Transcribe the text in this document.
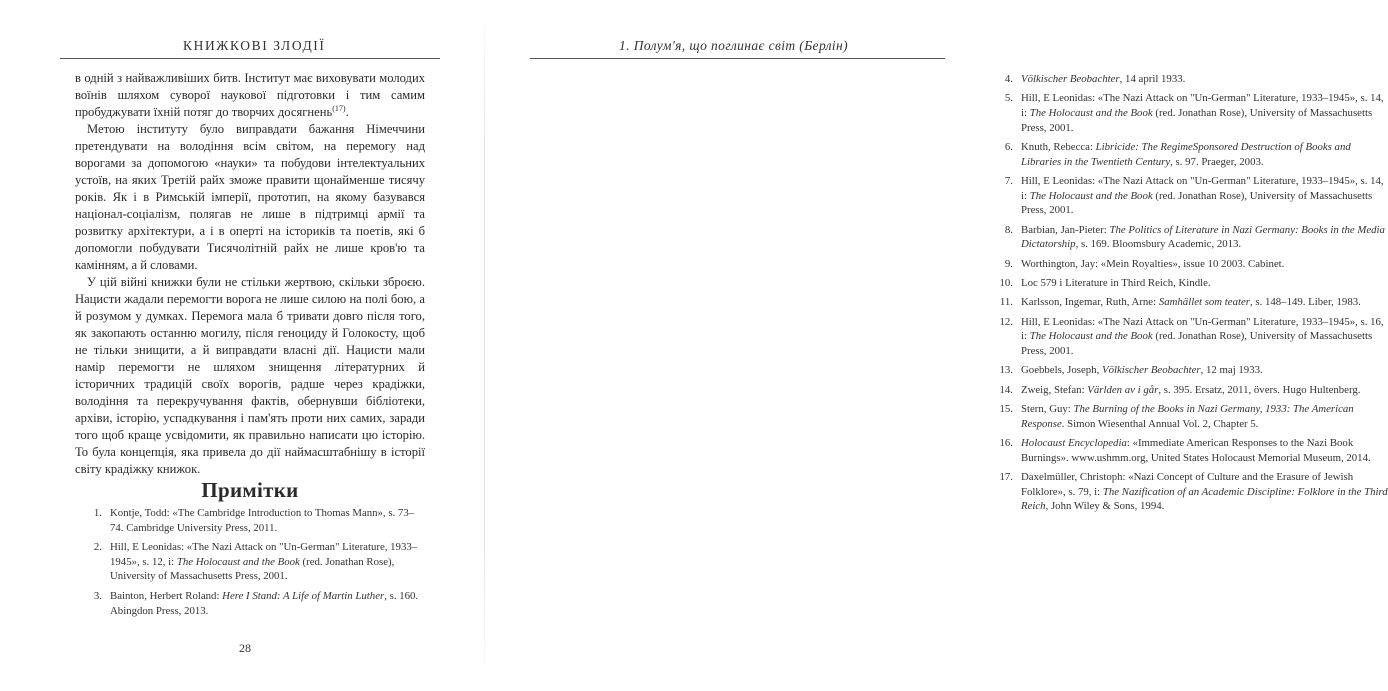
КНИЖКОВІ ЗЛОДІЇ

в одній з найважливіших битв. Інститут має виховувати молодих воїнів шляхом суворої наукової підготовки і тим самим пробуджувати їхній потяг до творчих досягнень$^{(17)}$.

Метою інституту було виправдати бажання Німеччини претендувати на володіння всім світом, на перемогу над ворогами за допомогою «науки» та побудови інтелектуальних устоїв, на яких Третій райх зможе правити щонайменше тисячу років. Як і в Римській імперії, прототип, на якому базувався націонал-соціалізм, полягав не лише в підтримці армії та розвитку архітектури, а і в оперті на істориків та поетів, які б допомогли побудувати Тисячолітній райх не лише кров'ю та камінням, а й словами.

У цій війні книжки були не стільки жертвою, скільки зброєю. Нацисти жадали перемогти ворога не лише силою на полі бою, а й розумом у думках. Перемога мала б тривати довго після того, як закопають останню могилу, після геноциду й Голокосту, щоб не тільки знищити, а й виправдати власні дії. Нацисти мали намір перемогти не шляхом знищення літературних й історичних традицій своїх ворогів, радше через крадіжки, володіння та перекручування фактів, обернувши бібліотеки, архіви, історію, успадкування і пам'ять проти них самих, заради того щоб краще усвідомити, як правильно написати цю історію. То була концепція, яка привела до дії наймасштабнішу в історії світу крадіжку книжок.

Примітки
1. Kontje, Todd: «The Cambridge Introduction to Thomas Mann», s. 73–74. Cambridge University Press, 2011.
2. Hill, E Leonidas: «The Nazi Attack on "Un-German" Literature, 1933–1945», s. 12, i: The Holocaust and the Book (red. Jonathan Rose), University of Massachusetts Press, 2001.
3. Bainton, Herbert Roland: Here I Stand: A Life of Martin Luther, s. 160. Abingdon Press, 2013.
28
1. Полум'я, що поглинає світ (Берлін)
4. Völkischer Beobachter, 14 april 1933.
5. Hill, E Leonidas: «The Nazi Attack on "Un-German" Literature, 1933–1945», s. 14, i: The Holocaust and the Book (red. Jonathan Rose), University of Massachusetts Press, 2001.
6. Knuth, Rebecca: Libricide: The RegimeSponsored Destruction of Books and Libraries in the Twentieth Century, s. 97. Praeger, 2003.
7. Hill, E Leonidas: «The Nazi Attack on "Un-German" Literature, 1933–1945», s. 14, i: The Holocaust and the Book (red. Jonathan Rose), University of Massachusetts Press, 2001.
8. Barbian, Jan-Pieter: The Politics of Literature in Nazi Germany: Books in the Media Dictatorship, s. 169. Bloomsbury Academic, 2013.
9. Worthington, Jay: «Mein Royalties», issue 10 2003. Cabinet.
10. Loc 579 i Literature in Third Reich, Kindle.
11. Karlsson, Ingemar, Ruth, Arne: Samhället som teater, s. 148–149. Liber, 1983.
12. Hill, E Leonidas: «The Nazi Attack on "Un-German" Literature, 1933–1945», s. 16, i: The Holocaust and the Book (red. Jonathan Rose), University of Massachusetts Press, 2001.
13. Goebbels, Joseph, Völkischer Beobachter, 12 maj 1933.
14. Zweig, Stefan: Världen av i går, s. 395. Ersatz, 2011, övers. Hugo Hultenberg.
15. Stern, Guy: The Burning of the Books in Nazi Germany, 1933: The American Response. Simon Wiesenthal Annual Vol. 2, Chapter 5.
16. Holocaust Encyclopedia: «Immediate American Responses to the Nazi Book Burnings». www.ushmm.org, United States Holocaust Memorial Museum, 2014.
17. Daxelmüller, Christoph: «Nazi Concept of Culture and the Erasure of Jewish Folklore», s. 79, i: The Nazification of an Academic Discipline: Folklore in the Third Reich, John Wiley & Sons, 1994.
